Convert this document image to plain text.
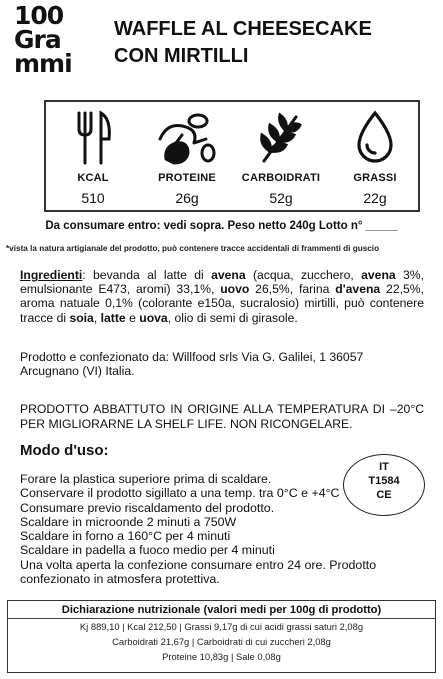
100
Gra
mmi
WAFFLE AL CHEESECAKE
CON MIRTILLI
KCAL
510
PROTEINE
26g
CARBOIDRATI
52g
GRASSI
22g
Da consumare entro: vedi sopra. Peso netto 240g Lotto n° _____
*vista la natura artigianale del prodotto, può contenere tracce accidentali di frammenti di guscio
Ingredienti: bevanda al latte di avena (acqua, zucchero, avena 3%, emulsionante E473, aromi) 33,1%, uovo 26,5%, farina d'avena 22,5%, aroma natuale 0,1% (colorante e150a, sucralosio) mirtilli, può contenere tracce di soia, latte e uova, olio di semi di girasole.
Prodotto e confezionato da: Willfood srls Via G. Galilei, 1 36057 Arcugnano (VI) Italia.
PRODOTTO ABBATTUTO IN ORIGINE ALLA TEMPERATURA DI –20°C PER MIGLIORARNE LA SHELF LIFE. NON RICONGELARE.
Modo d'uso:
Forare la plastica superiore prima di scaldare.
Conservare il prodotto sigillato a una temp. tra 0°C e +4°C
Consumare previo riscaldamento del prodotto.
Scaldare in microonde 2 minuti a 750W
Scaldare in forno a 160°C per 4 minuti
Scaldare in padella a fuoco medio per 4 minuti
Una volta aperta la confezione consumare entro 24 ore. Prodotto confezionato in atmosfera protettiva.
IT
T1584
CE
Dichiarazione nutrizionale (valori medi per 100g di prodotto)
Kj 889,10 | Kcal 212,50 | Grassi 9,17g di cui acidi grassi saturi 2,08g
Carboidrati 21,67g | Carboidrati di cui zuccheri 2,08g
Proteine 10,83g | Sale 0,08g
